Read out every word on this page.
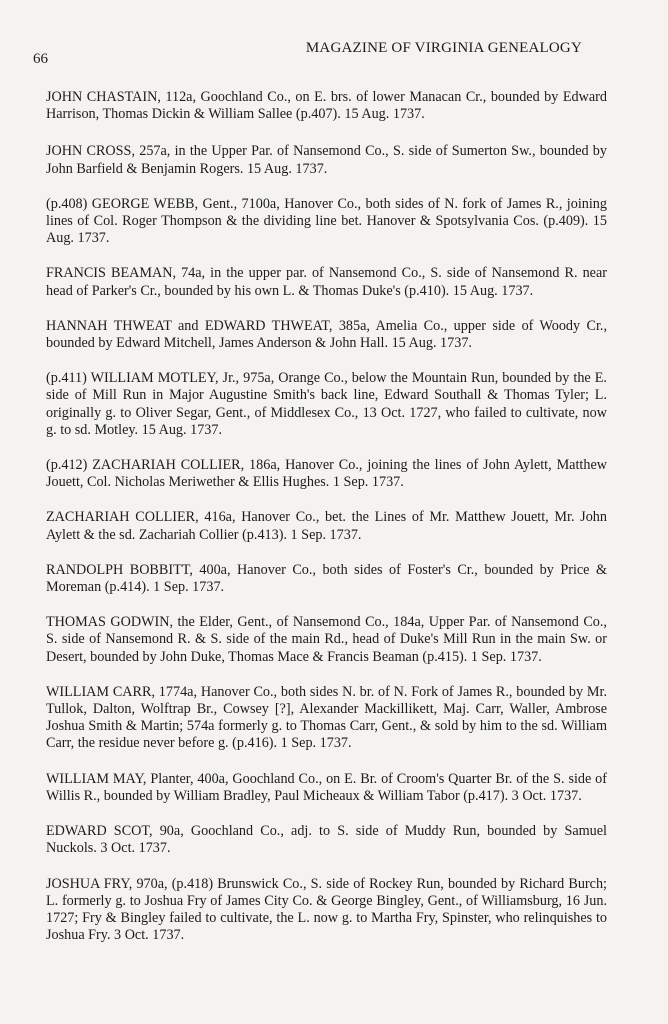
66
MAGAZINE OF VIRGINIA GENEALOGY

JOHN CHASTAIN, 112a, Goochland Co., on E. brs. of lower Manacan Cr., bounded by Edward Harrison, Thomas Dickin & William Sallee (p.407). 15 Aug. 1737.

JOHN CROSS, 257a, in the Upper Par. of Nansemond Co., S. side of Sumerton Sw., bounded by John Barfield & Benjamin Rogers. 15 Aug. 1737.

(p.408) GEORGE WEBB, Gent., 7100a, Hanover Co., both sides of N. fork of James R., joining lines of Col. Roger Thompson & the dividing line bet. Hanover & Spotsylvania Cos. (p.409). 15 Aug. 1737.

FRANCIS BEAMAN, 74a, in the upper par. of Nansemond Co., S. side of Nansemond R. near head of Parker's Cr., bounded by his own L. & Thomas Duke's (p.410). 15 Aug. 1737.

HANNAH THWEAT and EDWARD THWEAT, 385a, Amelia Co., upper side of Woody Cr., bounded by Edward Mitchell, James Anderson & John Hall. 15 Aug. 1737.

(p.411) WILLIAM MOTLEY, Jr., 975a, Orange Co., below the Mountain Run, bounded by the E. side of Mill Run in Major Augustine Smith's back line, Edward Southall & Thomas Tyler; L. originally g. to Oliver Segar, Gent., of Middlesex Co., 13 Oct. 1727, who failed to cultivate, now g. to sd. Motley. 15 Aug. 1737.

(p.412) ZACHARIAH COLLIER, 186a, Hanover Co., joining the lines of John Aylett, Matthew Jouett, Col. Nicholas Meriwether & Ellis Hughes. 1 Sep. 1737.

ZACHARIAH COLLIER, 416a, Hanover Co., bet. the Lines of Mr. Matthew Jouett, Mr. John Aylett & the sd. Zachariah Collier (p.413). 1 Sep. 1737.

RANDOLPH BOBBITT, 400a, Hanover Co., both sides of Foster's Cr., bounded by Price & Moreman (p.414). 1 Sep. 1737.

THOMAS GODWIN, the Elder, Gent., of Nansemond Co., 184a, Upper Par. of Nansemond Co., S. side of Nansemond R. & S. side of the main Rd., head of Duke's Mill Run in the main Sw. or Desert, bounded by John Duke, Thomas Mace & Francis Beaman (p.415). 1 Sep. 1737.

WILLIAM CARR, 1774a, Hanover Co., both sides N. br. of N. Fork of James R., bounded by Mr. Tullok, Dalton, Wolftrap Br., Cowsey [?], Alexander Mackillikett, Maj. Carr, Waller, Ambrose Joshua Smith & Martin; 574a formerly g. to Thomas Carr, Gent., & sold by him to the sd. William Carr, the residue never before g. (p.416). 1 Sep. 1737.

WILLIAM MAY, Planter, 400a, Goochland Co., on E. Br. of Croom's Quarter Br. of the S. side of Willis R., bounded by William Bradley, Paul Micheaux & William Tabor (p.417). 3 Oct. 1737.

EDWARD SCOT, 90a, Goochland Co., adj. to S. side of Muddy Run, bounded by Samuel Nuckols. 3 Oct. 1737.

JOSHUA FRY, 970a, (p.418) Brunswick Co., S. side of Rockey Run, bounded by Richard Burch; L. formerly g. to Joshua Fry of James City Co. & George Bingley, Gent., of Williamsburg, 16 Jun. 1727; Fry & Bingley failed to cultivate, the L. now g. to Martha Fry, Spinster, who relinquishes to Joshua Fry. 3 Oct. 1737.
